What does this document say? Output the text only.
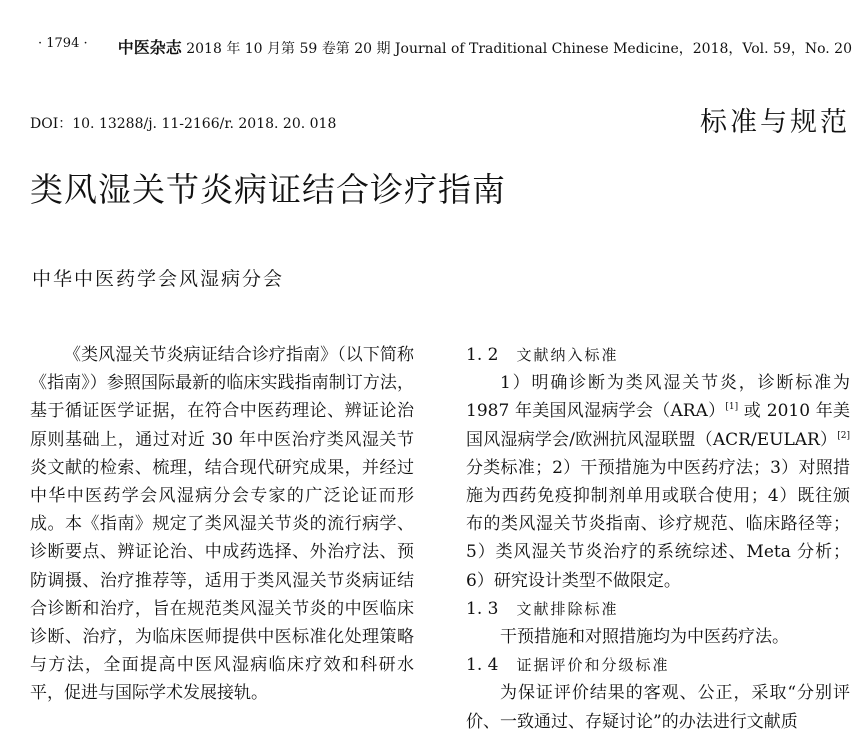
· 1794 · 中医杂志 2018 年 10 月第 59 卷第 20 期 Journal of Traditional Chinese Medicine，2018，Vol. 59，No. 20
DOI：10. 13288/j. 11-2166/r. 2018. 20. 018	标准与规范
类风湿关节炎病证结合诊疗指南
中华中医药学会风湿病分会

《类风湿关节炎病证结合诊疗指南》（以下简称《指南》）参照国际最新的临床实践指南制订方法，基于循证医学证据，在符合中医药理论、辨证论治原则基础上，通过对近 30 年中医治疗类风湿关节炎文献的检索、梳理，结合现代研究成果，并经过中华中医药学会风湿病分会专家的广泛论证而形成。本《指南》规定了类风湿关节炎的流行病学、诊断要点、辨证论治、中成药选择、外治疗法、预防调摄、治疗推荐等，适用于类风湿关节炎病证结合诊断和治疗，旨在规范类风湿关节炎的中医临床诊断、治疗，为临床医师提供中医标准化处理策略与方法，全面提高中医风湿病临床疗效和科研水平，促进与国际学术发展接轨。

1. 2 文献纳入标准

1）明确诊断为类风湿关节炎，诊断标准为 1987 年美国风湿病学会（ARA）[1] 或 2010 年美国风湿病学会/欧洲抗风湿联盟（ACR/EULAR）[2] 分类标准；2）干预措施为中医药疗法；3）对照措施为西药免疫抑制剂单用或联合使用；4）既往颁布的类风湿关节炎指南、诊疗规范、临床路径等；5）类风湿关节炎治疗的系统综述、Meta 分析；6）研究设计类型不做限定。

1. 3 文献排除标准

干预措施和对照措施均为中医药疗法。

1. 4 证据评价和分级标准

为保证评价结果的客观、公正，采取“分别评价、一致通过、存疑讨论”的办法进行文献质
